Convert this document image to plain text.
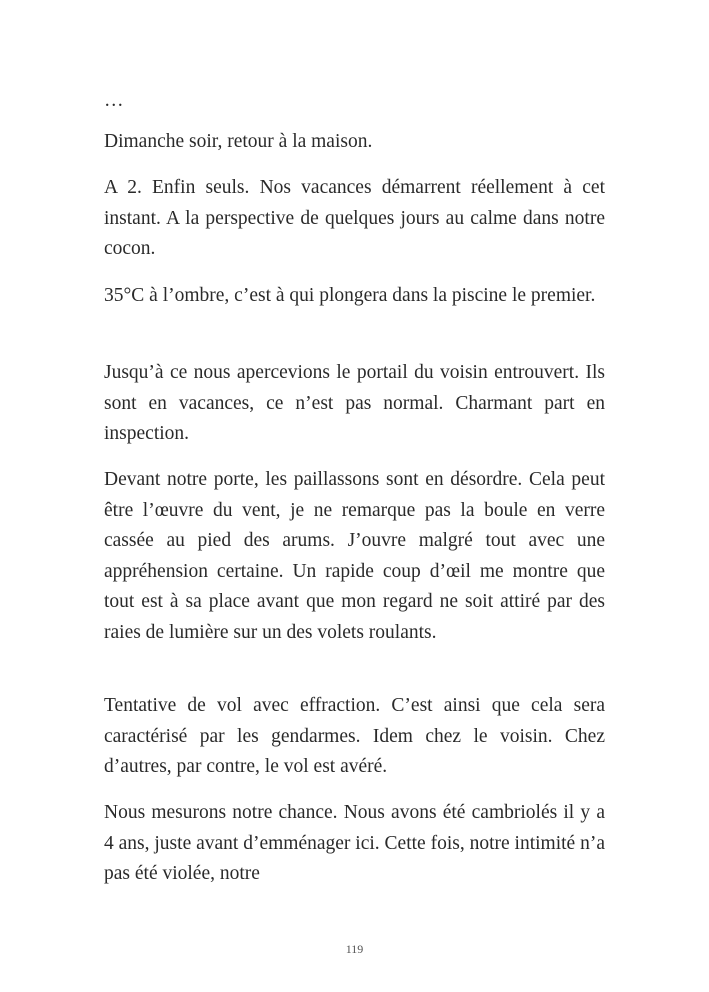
…

Dimanche soir, retour à la maison.

A 2. Enfin seuls. Nos vacances démarrent réellement à cet instant. A la perspective de quelques jours au calme dans notre cocon.

35°C à l’ombre, c’est à qui plongera dans la piscine le premier.

Jusqu’à ce nous apercevions le portail du voisin entrouvert. Ils sont en vacances, ce n’est pas normal. Charmant part en inspection.

Devant notre porte, les paillassons sont en désordre. Cela peut être l’œuvre du vent, je ne remarque pas la boule en verre cassée au pied des arums. J’ouvre malgré tout avec une appréhension certaine. Un rapide coup d’œil me montre que tout est à sa place avant que mon regard ne soit attiré par des raies de lumière sur un des volets roulants.

Tentative de vol avec effraction. C’est ainsi que cela sera caractérisé par les gendarmes. Idem chez le voisin. Chez d’autres, par contre, le vol est avéré.

Nous mesurons notre chance. Nous avons été cambriolés il y a 4 ans, juste avant d’emménager ici. Cette fois, notre intimité n’a pas été violée, notre

119
